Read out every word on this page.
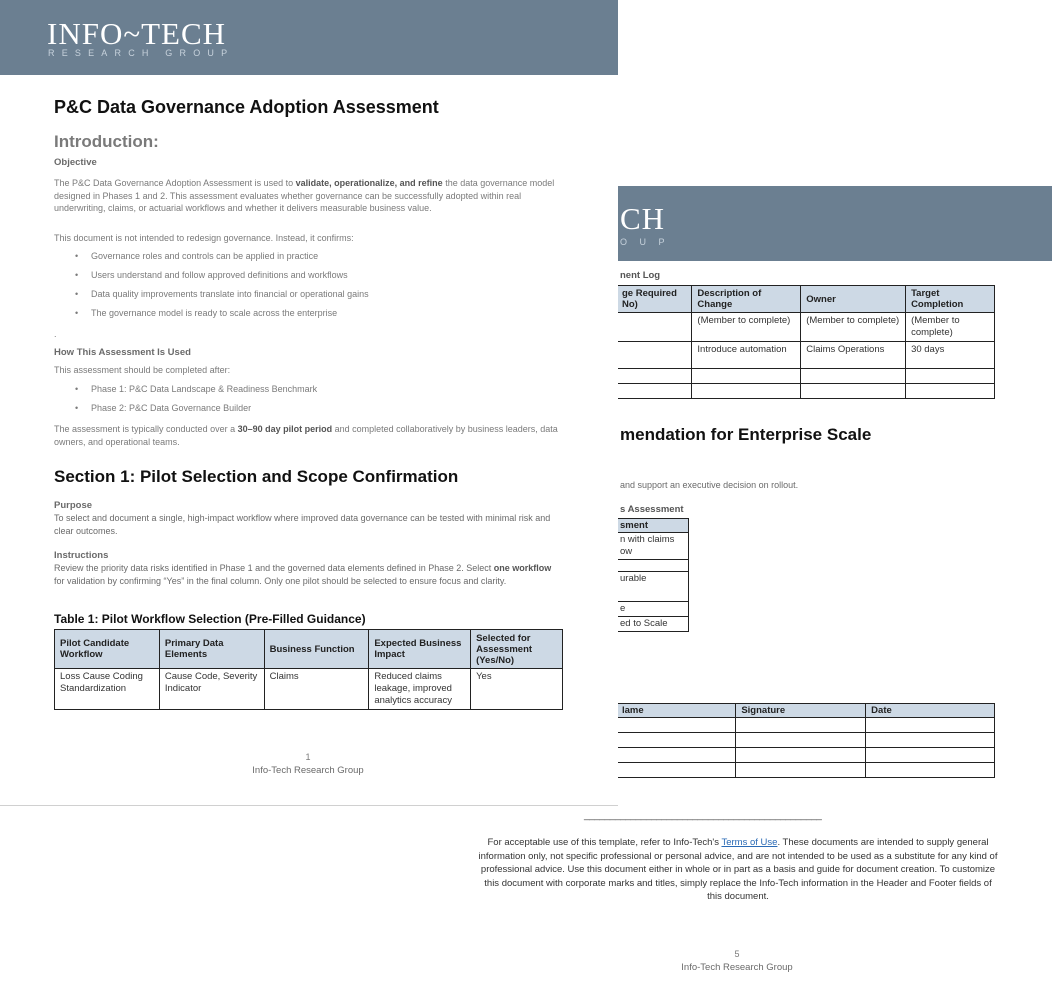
CH
O U P
nent Log
ge Required No)	Description of Change	Owner	Target Completion
	(Member to complete)	(Member to complete)	(Member to complete)
	Introduce automation	Claims Operations	30 days

mendation for Enterprise Scale
and support an executive decision on rollout.
s Assessment
sment
n with claims ow

urable
e
ed to Scale
lame	Signature	Date

______________________________________________
For acceptable use of this template, refer to Info-Tech's Terms of Use. These documents are intended to supply general information only, not specific professional or personal advice, and are not intended to be used as a substitute for any kind of professional advice. Use this document either in whole or in part as a basis and guide for document creation. To customize this document with corporate marks and titles, simply replace the Info-Tech information in the Header and Footer fields of this document.
5
Info-Tech Research Group
INFO~TECH
RESEARCH GROUP
P&C Data Governance Adoption Assessment
Introduction:
Objective
The P&C Data Governance Adoption Assessment is used to validate, operationalize, and refine the data governance model designed in Phases 1 and 2. This assessment evaluates whether governance can be successfully adopted within real underwriting, claims, or actuarial workflows and whether it delivers measurable business value.
This document is not intended to redesign governance. Instead, it confirms:
• Governance roles and controls can be applied in practice
• Users understand and follow approved definitions and workflows
• Data quality improvements translate into financial or operational gains
• The governance model is ready to scale across the enterprise
.
How This Assessment Is Used
This assessment should be completed after:
• Phase 1: P&C Data Landscape & Readiness Benchmark
• Phase 2: P&C Data Governance Builder
The assessment is typically conducted over a 30–90 day pilot period and completed collaboratively by business leaders, data owners, and operational teams.
Section 1: Pilot Selection and Scope Confirmation
Purpose
To select and document a single, high-impact workflow where improved data governance can be tested with minimal risk and clear outcomes.
Instructions
Review the priority data risks identified in Phase 1 and the governed data elements defined in Phase 2. Select one workflow for validation by confirming “Yes” in the final column. Only one pilot should be selected to ensure focus and clarity.
Table 1: Pilot Workflow Selection (Pre-Filled Guidance)
Pilot Candidate Workflow	Primary Data Elements	Business Function	Expected Business Impact	Selected for Assessment (Yes/No)
Loss Cause Coding Standardization	Cause Code, Severity Indicator	Claims	Reduced claims leakage, improved analytics accuracy	Yes
1
Info-Tech Research Group
